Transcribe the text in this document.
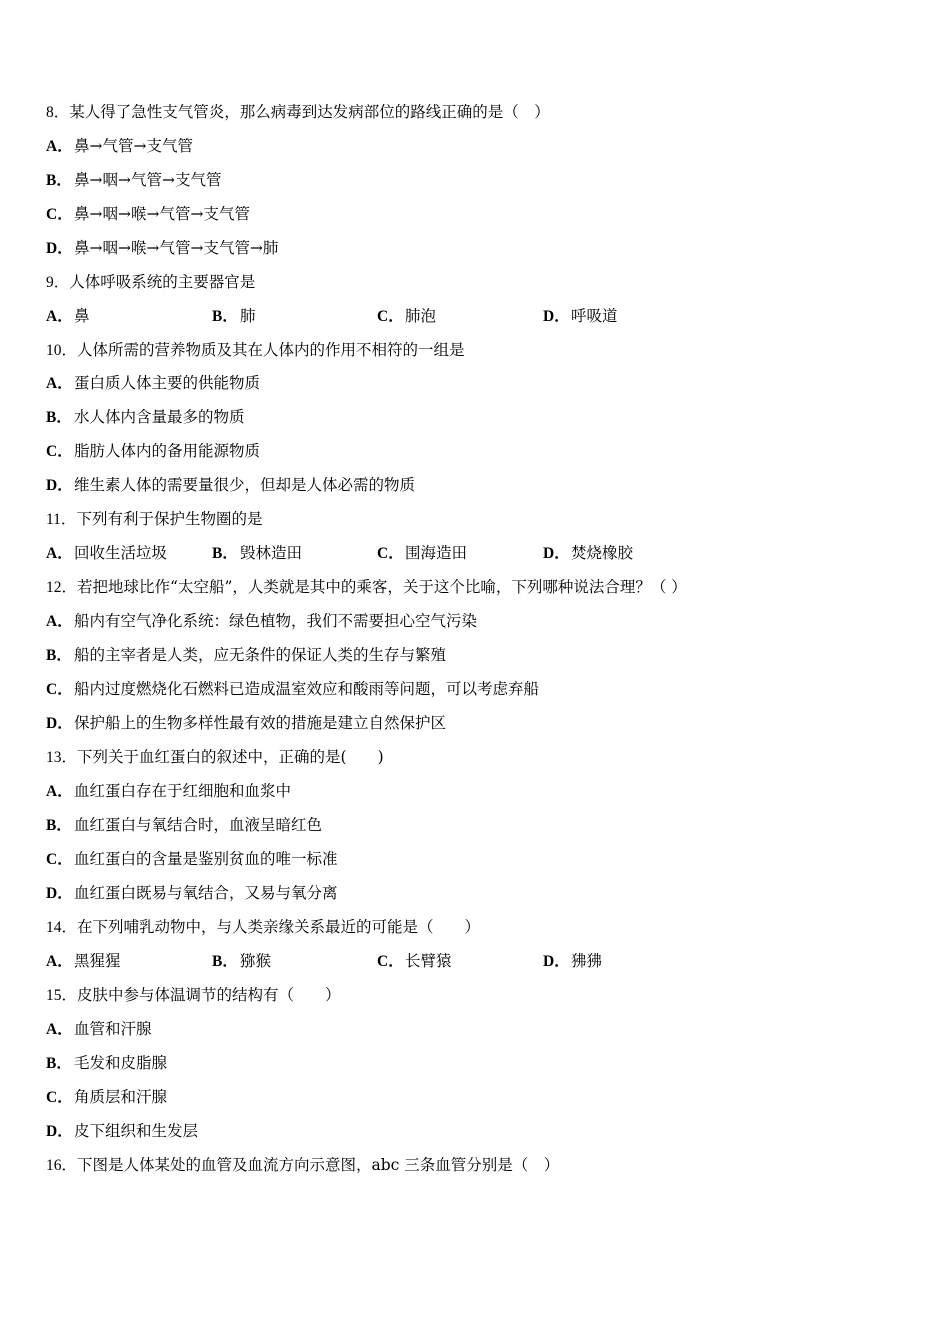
8．某人得了急性支气管炎，那么病毒到达发病部位的路线正确的是（　）
A．鼻→气管→支气管
B． 鼻→咽→气管→支气管
C．鼻→咽→喉→气管→支气管
D．鼻→咽→喉→气管→支气管→肺
9．人体呼吸系统的主要器官是
A．鼻	B． 肺	C．肺泡	D．呼吸道
10．人体所需的营养物质及其在人体内的作用不相符的一组是
A．蛋白质人体主要的供能物质
B． 水人体内含量最多的物质
C．脂肪人体内的备用能源物质
D．维生素人体的需要量很少，但却是人体必需的物质
11．下列有利于保护生物圈的是
A．回收生活垃圾	B． 毁林造田	C．围海造田	D．焚烧橡胶
12．若把地球比作“太空船”，人类就是其中的乘客，关于这个比喻，下列哪种说法合理？（ ）
A．船内有空气净化系统：绿色植物，我们不需要担心空气污染
B． 船的主宰者是人类，应无条件的保证人类的生存与繁殖
C．船内过度燃烧化石燃料已造成温室效应和酸雨等问题，可以考虑弃船
D．保护船上的生物多样性最有效的措施是建立自然保护区
13．下列关于血红蛋白的叙述中，正确的是(　　)
A．血红蛋白存在于红细胞和血浆中
B． 血红蛋白与氧结合时，血液呈暗红色
C．血红蛋白的含量是鉴别贫血的唯一标准
D．血红蛋白既易与氧结合，又易与氧分离
14．在下列哺乳动物中，与人类亲缘关系最近的可能是（　　）
A．黑猩猩	B． 猕猴	C．长臂猿	D．狒狒
15．皮肤中参与体温调节的结构有（　　）
A．血管和汗腺
B． 毛发和皮脂腺
C．角质层和汗腺
D．皮下组织和生发层
16．下图是人体某处的血管及血流方向示意图，abc 三条血管分别是（　）
